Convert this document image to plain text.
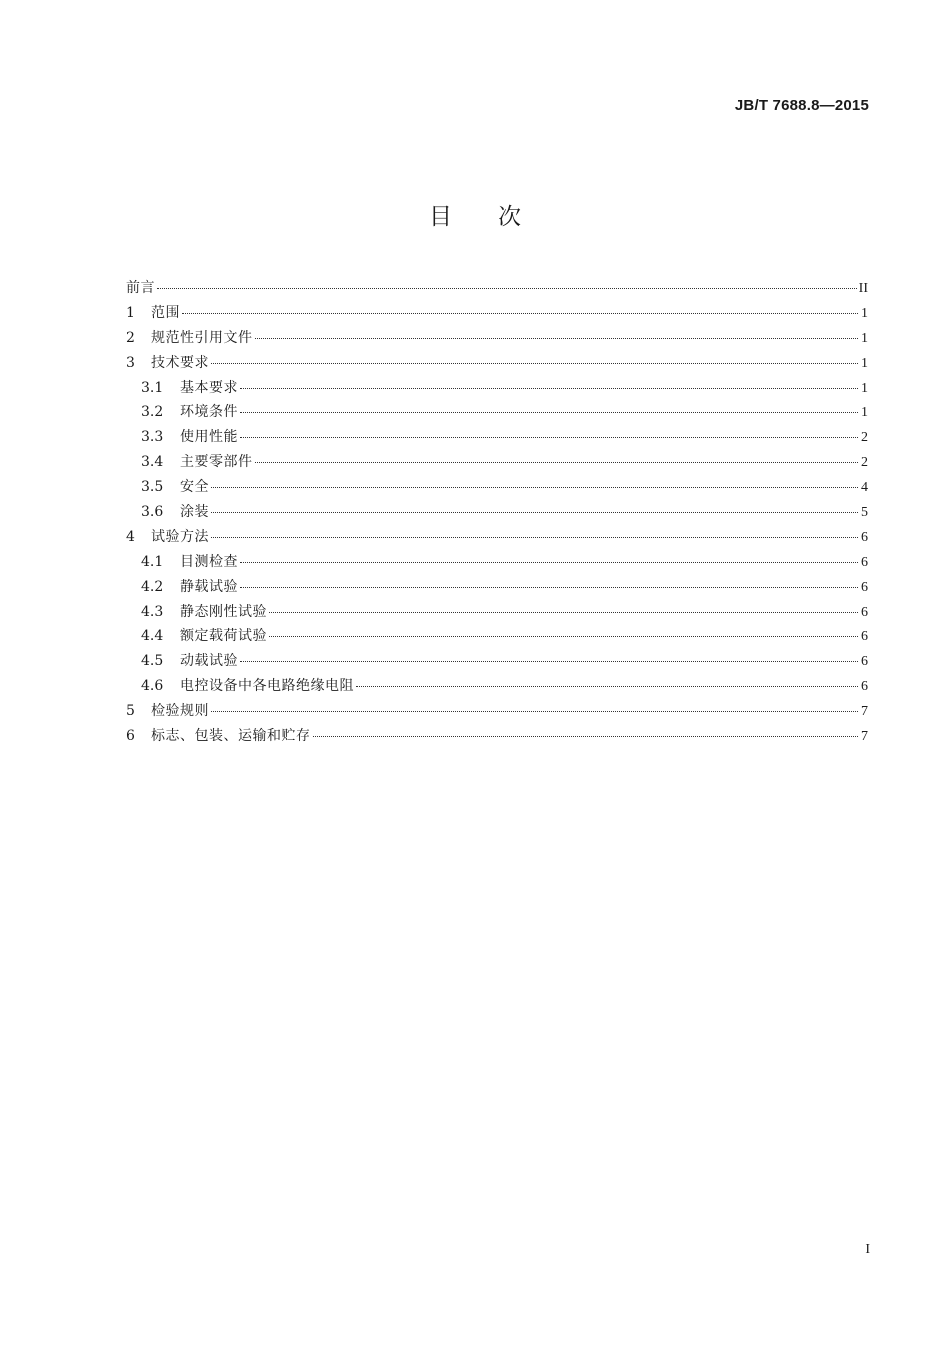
JB/T 7688.8—2015
目 次
前言	II
1	范围	1
2	规范性引用文件	1
3	技术要求	1
3.1	基本要求	1
3.2	环境条件	1
3.3	使用性能	2
3.4	主要零部件	2
3.5	安全	4
3.6	涂装	5
4	试验方法	6
4.1	目测检查	6
4.2	静载试验	6
4.3	静态刚性试验	6
4.4	额定载荷试验	6
4.5	动载试验	6
4.6	电控设备中各电路绝缘电阻	6
5	检验规则	7
6	标志、包装、运输和贮存	7
I
